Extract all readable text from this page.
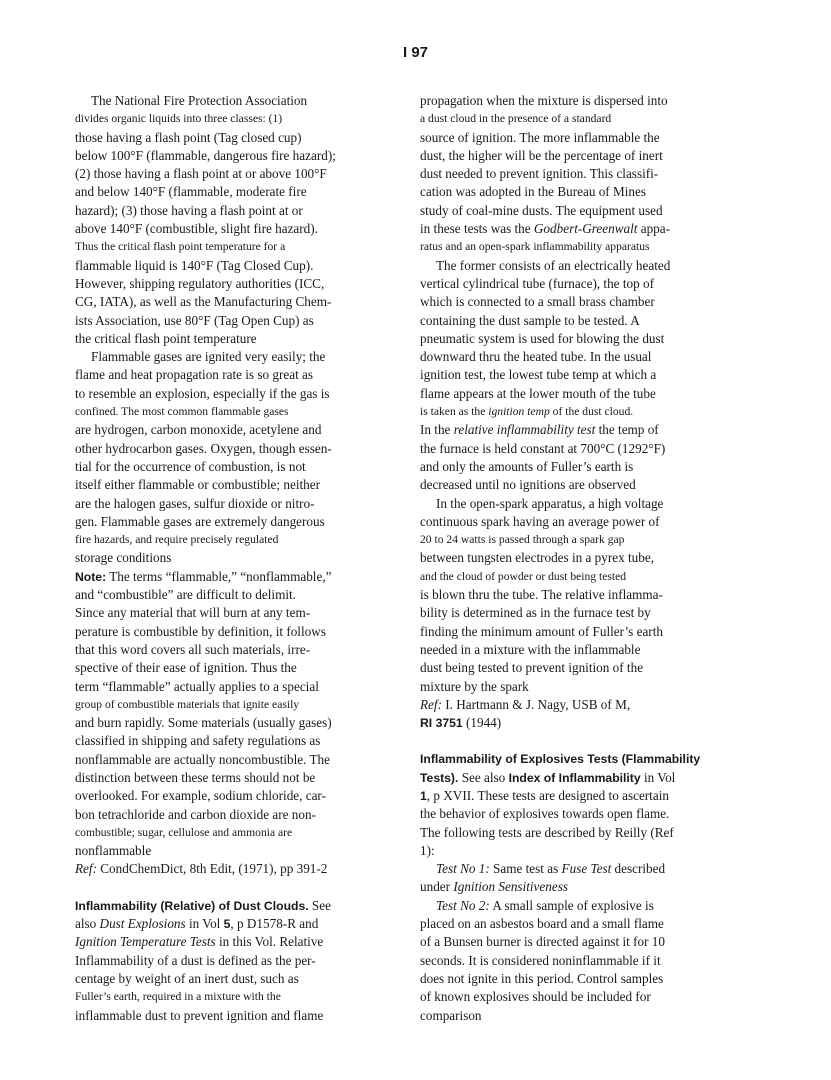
I 97
The National Fire Protection Association
divides organic liquids into three classes: (1)
those having a flash point (Tag closed cup)
below 100°F (flammable, dangerous fire hazard);
(2) those having a flash point at or above 100°F
and below 140°F (flammable, moderate fire
hazard); (3) those having a flash point at or
above 140°F (combustible, slight fire hazard).
Thus the critical flash point temperature for a
flammable liquid is 140°F (Tag Closed Cup).
However, shipping regulatory authorities (ICC,
CG, IATA), as well as the Manufacturing Chem-
ists Association, use 80°F (Tag Open Cup) as
the critical flash point temperature
Flammable gases are ignited very easily; the
flame and heat propagation rate is so great as
to resemble an explosion, especially if the gas is
confined. The most common flammable gases
are hydrogen, carbon monoxide, acetylene and
other hydrocarbon gases. Oxygen, though essen-
tial for the occurrence of combustion, is not
itself either flammable or combustible; neither
are the halogen gases, sulfur dioxide or nitro-
gen. Flammable gases are extremely dangerous
fire hazards, and require precisely regulated
storage conditions
Note: The terms “flammable,” “nonflammable,”
and “combustible” are difficult to delimit.
Since any material that will burn at any tem-
perature is combustible by definition, it follows
that this word covers all such materials, irre-
spective of their ease of ignition. Thus the
term “flammable” actually applies to a special
group of combustible materials that ignite easily
and burn rapidly. Some materials (usually gases)
classified in shipping and safety regulations as
nonflammable are actually noncombustible. The
distinction between these terms should not be
overlooked. For example, sodium chloride, car-
bon tetrachloride and carbon dioxide are non-
combustible; sugar, cellulose and ammonia are
nonflammable
Ref: CondChemDict, 8th Edit, (1971), pp 391-2
Inflammability (Relative) of Dust Clouds. See
also Dust Explosions in Vol 5, p D1578-R and
Ignition Temperature Tests in this Vol. Relative
Inflammability of a dust is defined as the per-
centage by weight of an inert dust, such as
Fuller’s earth, required in a mixture with the
inflammable dust to prevent ignition and flame
propagation when the mixture is dispersed into
a dust cloud in the presence of a standard
source of ignition. The more inflammable the
dust, the higher will be the percentage of inert
dust needed to prevent ignition. This classifi-
cation was adopted in the Bureau of Mines
study of coal-mine dusts. The equipment used
in these tests was the Godbert-Greenwalt appa-
ratus and an open-spark inflammability apparatus
The former consists of an electrically heated
vertical cylindrical tube (furnace), the top of
which is connected to a small brass chamber
containing the dust sample to be tested. A
pneumatic system is used for blowing the dust
downward thru the heated tube. In the usual
ignition test, the lowest tube temp at which a
flame appears at the lower mouth of the tube
is taken as the ignition temp of the dust cloud.
In the relative inflammability test the temp of
the furnace is held constant at 700°C (1292°F)
and only the amounts of Fuller’s earth is
decreased until no ignitions are observed
In the open-spark apparatus, a high voltage
continuous spark having an average power of
20 to 24 watts is passed through a spark gap
between tungsten electrodes in a pyrex tube,
and the cloud of powder or dust being tested
is blown thru the tube. The relative inflamma-
bility is determined as in the furnace test by
finding the minimum amount of Fuller’s earth
needed in a mixture with the inflammable
dust being tested to prevent ignition of the
mixture by the spark
Ref: I. Hartmann & J. Nagy, USB of M,
RI 3751 (1944)
Inflammability of Explosives Tests (Flammability
Tests). See also Index of Inflammability in Vol
1, p XVII. These tests are designed to ascertain
the behavior of explosives towards open flame.
The following tests are described by Reilly (Ref
1):
Test No 1: Same test as Fuse Test described
under Ignition Sensitiveness
Test No 2: A small sample of explosive is
placed on an asbestos board and a small flame
of a Bunsen burner is directed against it for 10
seconds. It is considered noninflammable if it
does not ignite in this period. Control samples
of known explosives should be included for
comparison
